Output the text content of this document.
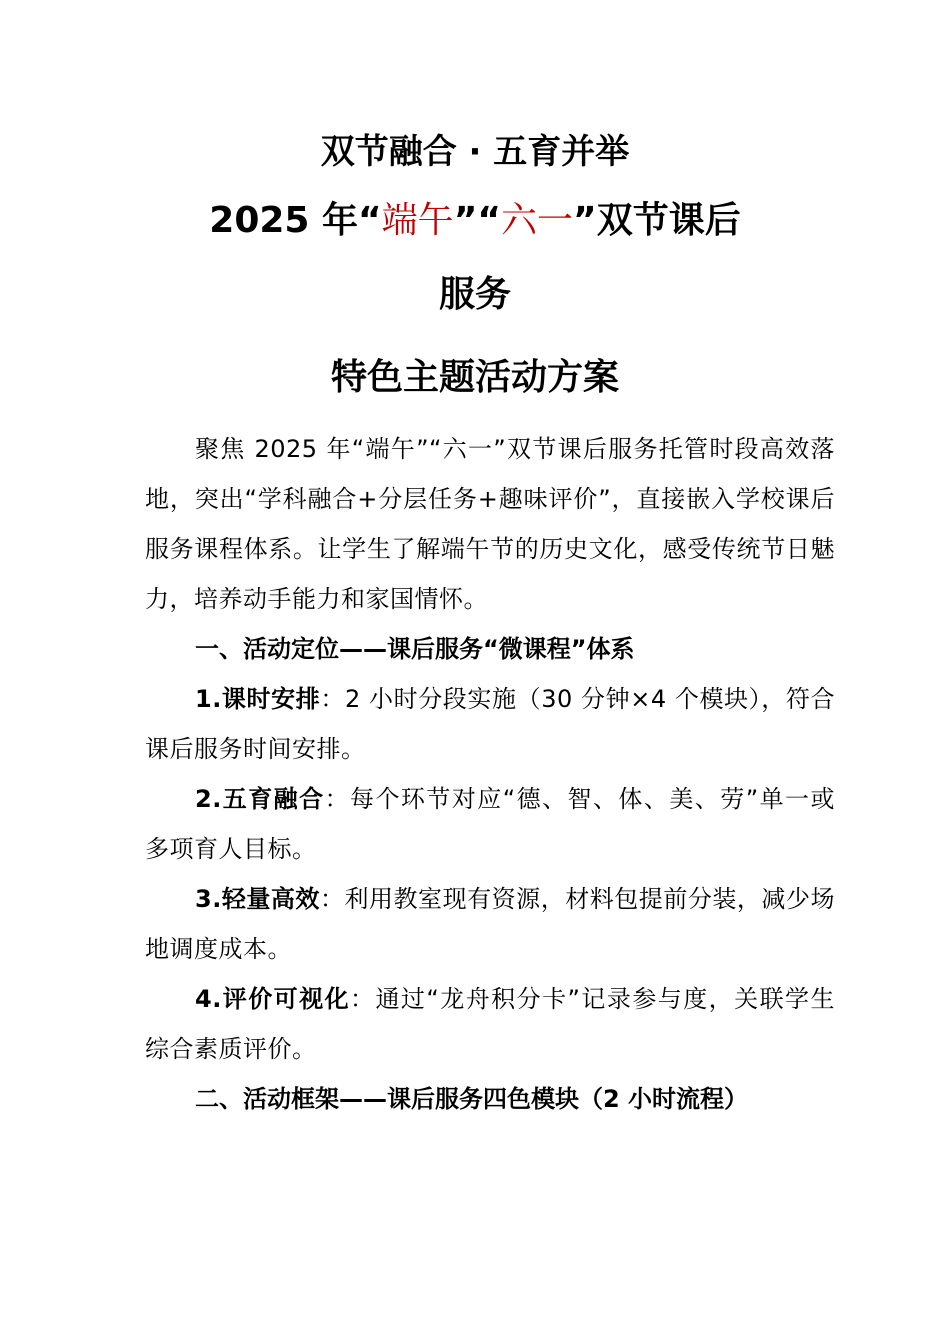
双节融合 · 五育并举
2025 年“端午”“六一”双节课后
服务
特色主题活动方案

聚焦 2025 年“端午”“六一”双节课后服务托管时段高效落地，突出“学科融合+分层任务+趣味评价”，直接嵌入学校课后服务课程体系。让学生了解端午节的历史文化，感受传统节日魅力，培养动手能力和家国情怀。

一、活动定位——课后服务“微课程”体系

1.课时安排：2 小时分段实施（30 分钟×4 个模块），符合课后服务时间安排。

2.五育融合：每个环节对应“德、智、体、美、劳”单一或多项育人目标。

3.轻量高效：利用教室现有资源，材料包提前分装，减少场地调度成本。

4.评价可视化：通过“龙舟积分卡”记录参与度，关联学生综合素质评价。

二、活动框架——课后服务四色模块（2 小时流程）
